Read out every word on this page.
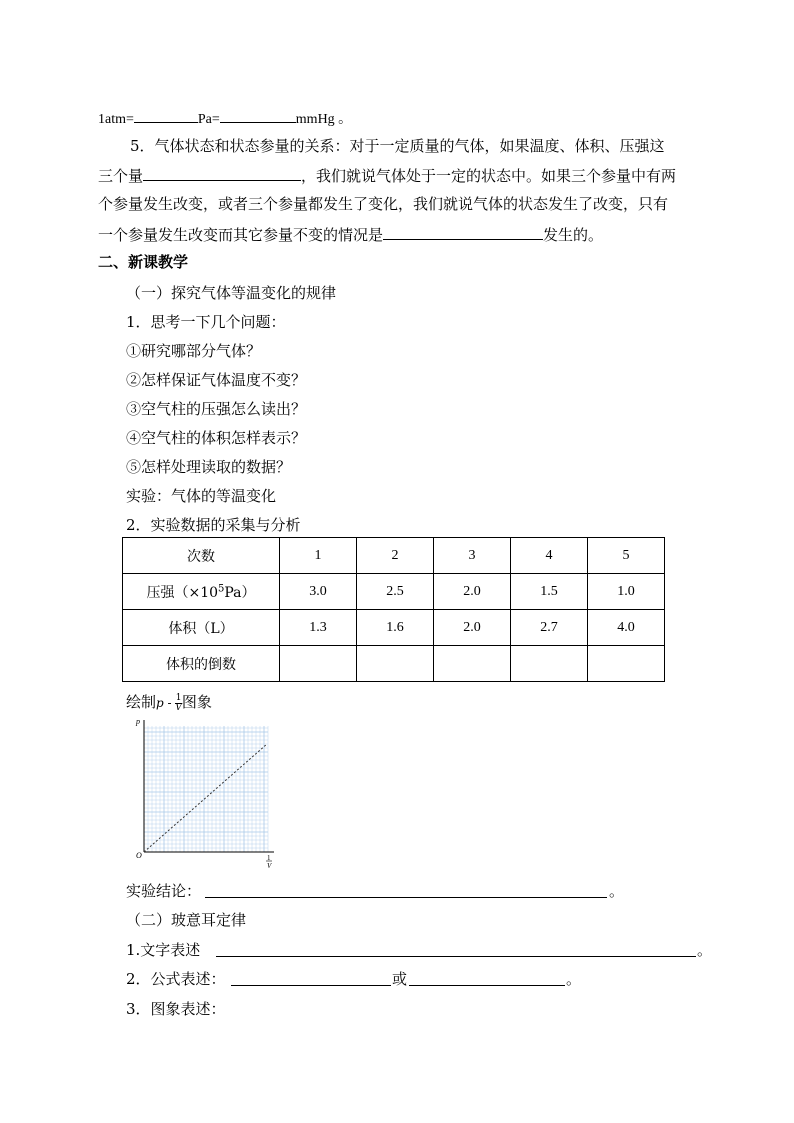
1atm=	Pa=	mmHg 。
5．气体状态和状态参量的关系：对于一定质量的气体，如果温度、体积、压强这
三个量	，我们就说气体处于一定的状态中。如果三个参量中有两
个参量发生改变，或者三个参量都发生了变化，我们就说气体的状态发生了改变，只有
一个参量发生改变而其它参量不变的情况是	发生的。
二、新课教学
（一）探究气体等温变化的规律
1．思考一下几个问题：
①研究哪部分气体？
②怎样保证气体温度不变？
③空气柱的压强怎么读出？
④空气柱的体积怎样表示？
⑤怎样处理读取的数据？
实验：气体的等温变化
2．实验数据的采集与分析
次数	1	2	3	4	5
压强$(\times 10^5Pa)$	3.0	2.5	2.0	1.5	1.0
体积（L）	1.3	1.6	2.0	2.7	4.0
体积的倒数					
绘制p - $\frac{1}{V}$ 图象
p
O	1
V
实验结论：	。
（二）玻意耳定律
1.文字表述	。
2．公式表述：	或	。
3．图象表述：
